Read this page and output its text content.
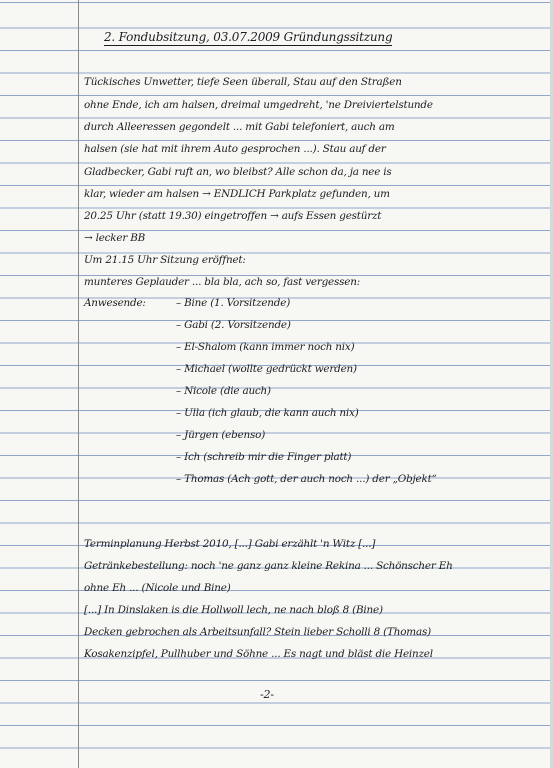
2. Fondubsitzung, 03.07.2009 Gründungssitzung
Tückisches Unwetter, tiefe Seen überall, Stau auf den Straßen
ohne Ende, ich am halsen, dreimal umgedreht, 'ne Dreiviertelstunde
durch Alleeressen gegondelt ... mit Gabi telefoniert, auch am
halsen (sie hat mit ihrem Auto gesprochen ...). Stau auf der
Gladbecker, Gabi ruft an, wo bleibst? Alle schon da, ja nee is
klar, wieder am halsen → ENDLICH Parkplatz gefunden, um
20.25 Uhr (statt 19.30) eingetroffen → aufs Essen gestürzt
→ lecker BB
Um 21.15 Uhr Sitzung eröffnet:
munteres Geplauder ... bla bla, ach so, fast vergessen:
Anwesende:	– Bine (1. Vorsitzende)
– Gabi (2. Vorsitzende)
– El-Shalom (kann immer noch nix)
– Michael (wollte gedrückt werden)
– Nicole (die auch)
– Ulla (ich glaub, die kann auch nix)
– Jürgen (ebenso)
– Ich (schreib mir die Finger platt)
– Thomas (Ach gott, der auch noch ...) der „Objekt“
Terminplanung Herbst 2010, [...] Gabi erzählt 'n Witz [...]
Getränkebestellung: noch 'ne ganz ganz kleine Rekina ... Schönscher Eh
ohne Eh ... (Nicole und Bine)
[...] In Dinslaken is die Hollwoll lech, ne nach bloß 8 (Bine)
Decken gebrochen als Arbeitsunfall? Stein lieber Scholli 8 (Thomas)
Kosakenzipfel, Pullhuber und Söhne ... Es nagt und bläst die Heinzel
-2-
